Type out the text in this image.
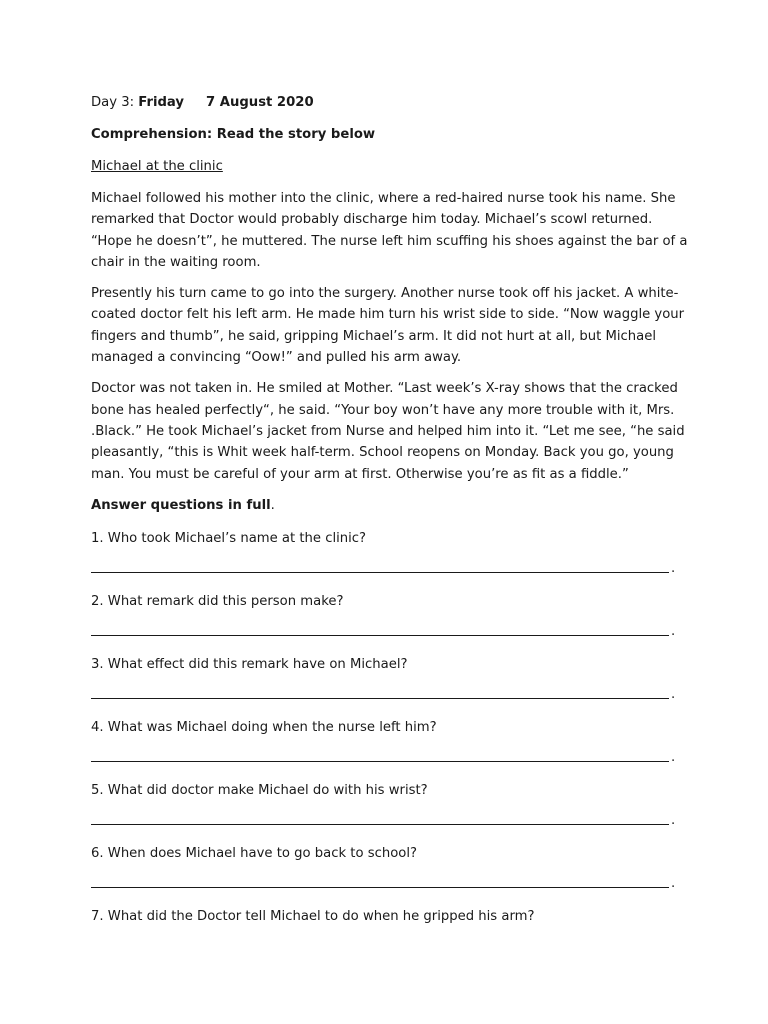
Day 3: Friday 7 August 2020

Comprehension: Read the story below

Michael at the clinic

Michael followed his mother into the clinic, where a red-haired nurse took his name. She

remarked that Doctor would probably discharge him today. Michael’s scowl returned.

“Hope he doesn’t”, he muttered. The nurse left him scuffing his shoes against the bar of a

chair in the waiting room.

Presently his turn came to go into the surgery. Another nurse took off his jacket. A white-

coated doctor felt his left arm. He made him turn his wrist side to side. “Now waggle your

fingers and thumb”, he said, gripping Michael’s arm. It did not hurt at all, but Michael

managed a convincing “Oow!” and pulled his arm away.

Doctor was not taken in. He smiled at Mother. “Last week’s X-ray shows that the cracked

bone has healed perfectly“, he said. “Your boy won’t have any more trouble with it, Mrs.

.Black.” He took Michael’s jacket from Nurse and helped him into it. “Let me see, “he said

pleasantly, “this is Whit week half-term. School reopens on Monday. Back you go, young

man. You must be careful of your arm at first. Otherwise you’re as fit as a fiddle.”

Answer questions in full.

1. Who took Michael’s name at the clinic?

.

2. What remark did this person make?

.

3. What effect did this remark have on Michael?

.

4. What was Michael doing when the nurse left him?

.

5. What did doctor make Michael do with his wrist?

.

6. When does Michael have to go back to school?

.

7. What did the Doctor tell Michael to do when he gripped his arm?
